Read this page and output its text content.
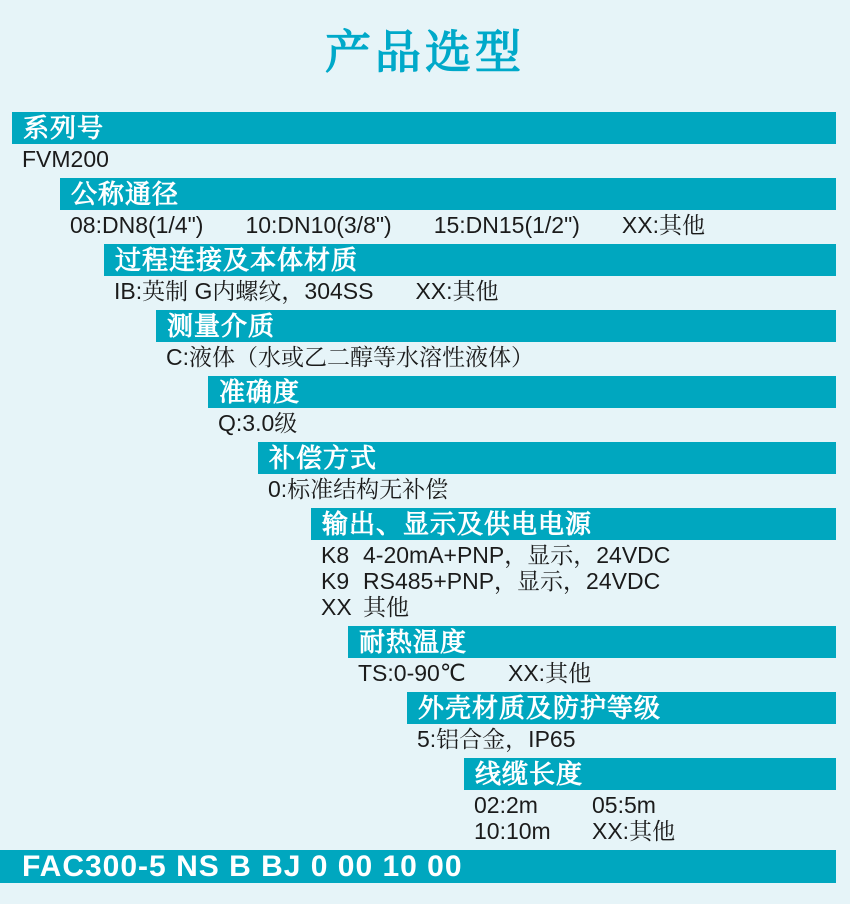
产品选型
系列号
FVM200
公称通径
08:DN8(1/4") 10:DN10(3/8") 15:DN15(1/2") XX:其他
过程连接及本体材质
IB:英制 G内螺纹，304SS XX:其他
测量介质
C:液体（水或乙二醇等水溶性液体）
准确度
Q:3.0级
补偿方式
0:标准结构无补偿
输出、显示及供电电源
K8 4-20mA+PNP，显示，24VDC
K9 RS485+PNP，显示，24VDC
XX 其他
耐热温度
TS:0-90℃ XX:其他
外壳材质及防护等级
5:铝合金，IP65
线缆长度
02:2m 05:5m
10:10m XX:其他
FAC300-5 NS B BJ 0 00 10 00
